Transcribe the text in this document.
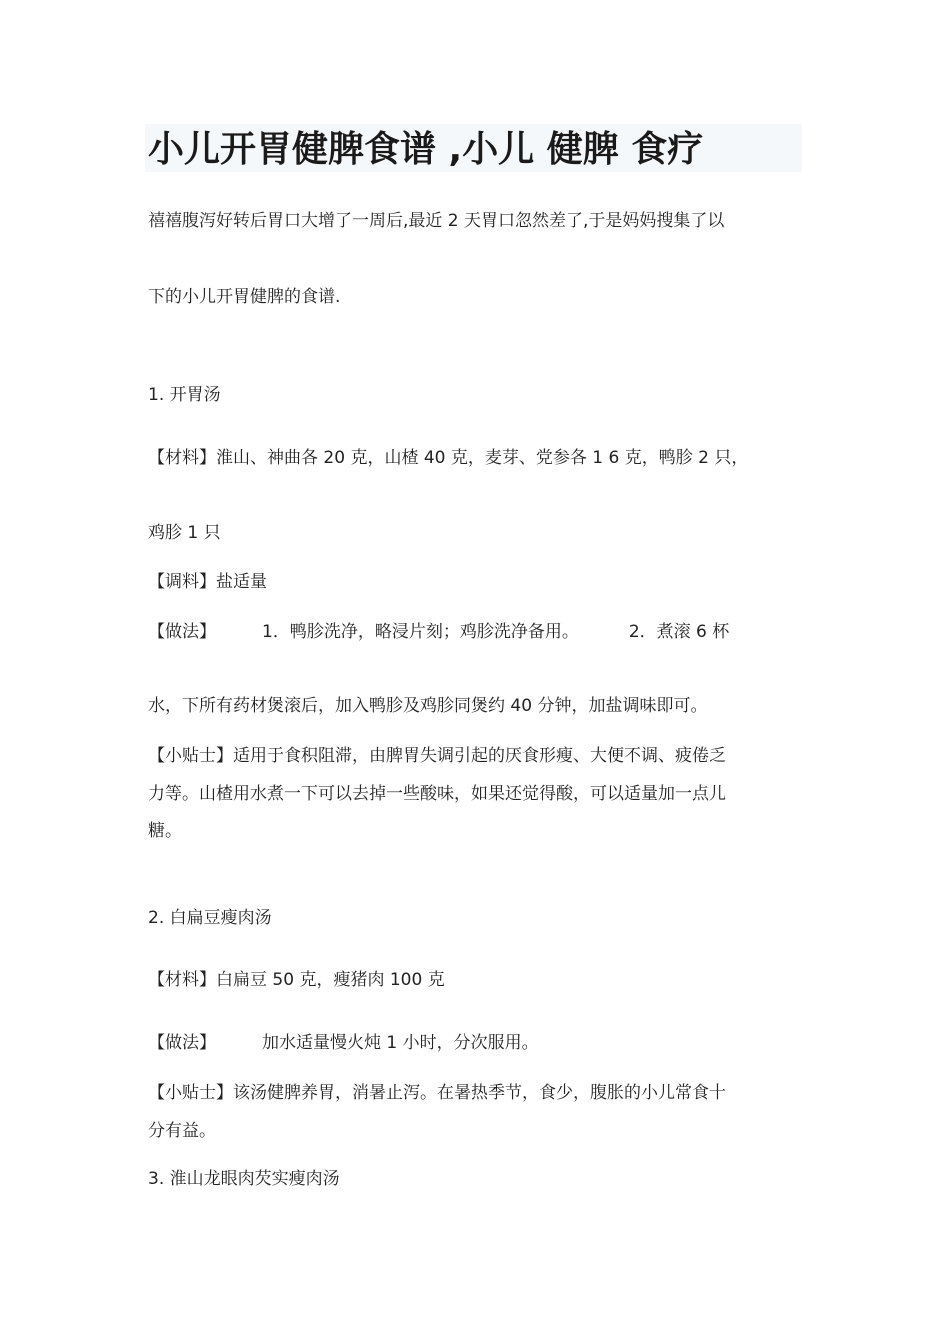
小儿开胃健脾食谱 ,小儿 健脾 食疗

禧禧腹泻好转后胃口大增了一周后,最近 2 天胃口忽然差了,于是妈妈搜集了以

下的小儿开胃健脾的食谱.

1. 开胃汤

【材料】淮山、神曲各 20 克，山楂 40 克，麦芽、党参各 1 6 克，鸭胗 2 只，

鸡胗 1 只

【调料】盐适量

【做法】	1．鸭胗洗净，略浸片刻；鸡胗洗净备用。	2．煮滚 6 杯

水，下所有药材煲滚后，加入鸭胗及鸡胗同煲约 40 分钟，加盐调味即可。

【小贴士】适用于食积阻滞，由脾胃失调引起的厌食形瘦、大便不调、疲倦乏

力等。山楂用水煮一下可以去掉一些酸味，如果还觉得酸，可以适量加一点儿

糖。

2. 白扁豆瘦肉汤

【材料】白扁豆 50 克，瘦猪肉 100 克

【做法】	加水适量慢火炖 1 小时，分次服用。

【小贴士】该汤健脾养胃，消暑止泻。在暑热季节，食少，腹胀的小儿常食十

分有益。

3. 淮山龙眼肉芡实瘦肉汤
